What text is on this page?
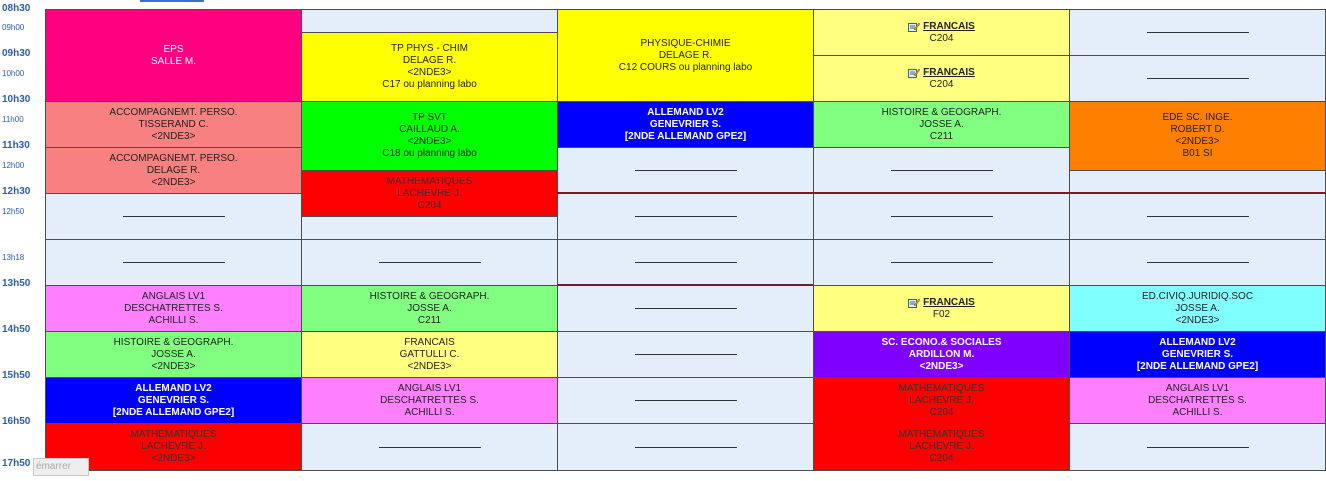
08h30
09h00
09h30
10h00
10h30
11h00
11h30
12h00
12h30
12h50
13h18
13h50
14h50
15h50
16h50
17h50
EPS
SALLE M.
ACCOMPAGNEMT. PERSO.
TISSERAND C.
<2NDE3>
ACCOMPAGNEMT. PERSO.
DELAGE R.
<2NDE3>
ANGLAIS LV1
DESCHATRETTES S.
ACHILLI S.
HISTOIRE & GEOGRAPH.
JOSSE A.
<2NDE3>
ALLEMAND LV2
GENEVRIER S.
[2NDE ALLEMAND GPE2]
MATHEMATIQUES
LACHEVRE J.
<2NDE3>
TP PHYS - CHIM
DELAGE R.
<2NDE3>
C17 ou planning labo
TP SVT
CAILLAUD A.
<2NDE3>
C18 ou planning labo
MATHEMATIQUES
LACHEVRE J.
C204
HISTOIRE & GEOGRAPH.
JOSSE A.
C211
FRANCAIS
GATTULLI C.
<2NDE3>
ANGLAIS LV1
DESCHATRETTES S.
ACHILLI S.
PHYSIQUE-CHIMIE
DELAGE R.
C12 COURS ou planning labo
ALLEMAND LV2
GENEVRIER S.
[2NDE ALLEMAND GPE2]
FRANCAIS
C204
FRANCAIS
C204
HISTOIRE & GEOGRAPH.
JOSSE A.
C211
FRANCAIS
F02
SC. ECONO.& SOCIALES
ARDILLON M.
<2NDE3>
MATHEMATIQUES
LACHEVRE J.
C204
MATHEMATIQUES
LACHEVRE J.
C204
EDE SC. INGE.
ROBERT D.
<2NDE3>
B01 SI
ED.CIVIQ.JURIDIQ.SOC
JOSSE A.
<2NDE3>
ALLEMAND LV2
GENEVRIER S.
[2NDE ALLEMAND GPE2]
ANGLAIS LV1
DESCHATRETTES S.
ACHILLI S.
émarrer
